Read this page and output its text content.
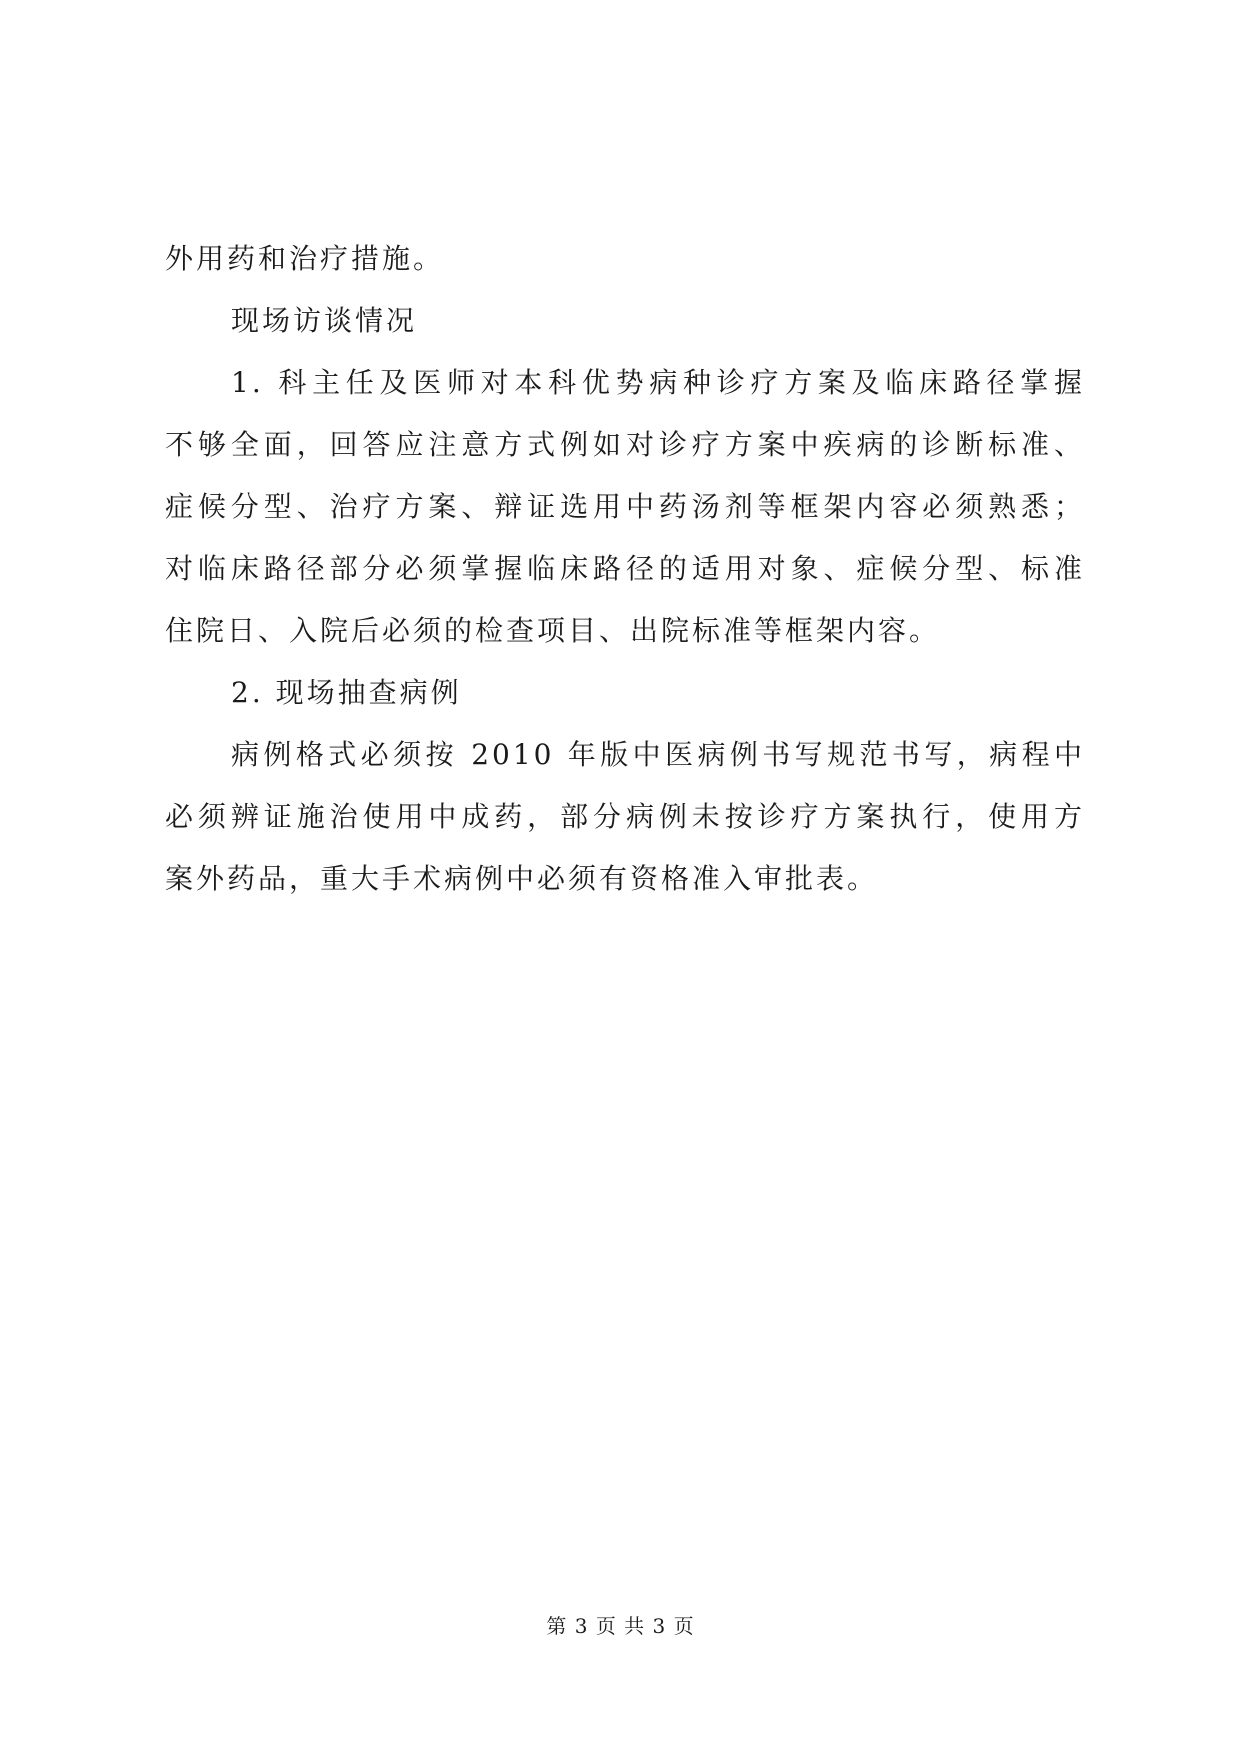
外用药和治疗措施。
现场访谈情况
1. 科主任及医师对本科优势病种诊疗方案及临床路径掌握
不够全面，回答应注意方式例如对诊疗方案中疾病的诊断标准、
症候分型、治疗方案、辩证选用中药汤剂等框架内容必须熟悉；
对临床路径部分必须掌握临床路径的适用对象、症候分型、标准
住院日、入院后必须的检查项目、出院标准等框架内容。
2. 现场抽查病例
病例格式必须按 2010 年版中医病例书写规范书写，病程中
必须辨证施治使用中成药，部分病例未按诊疗方案执行，使用方
案外药品，重大手术病例中必须有资格准入审批表。
第 3 页 共 3 页
